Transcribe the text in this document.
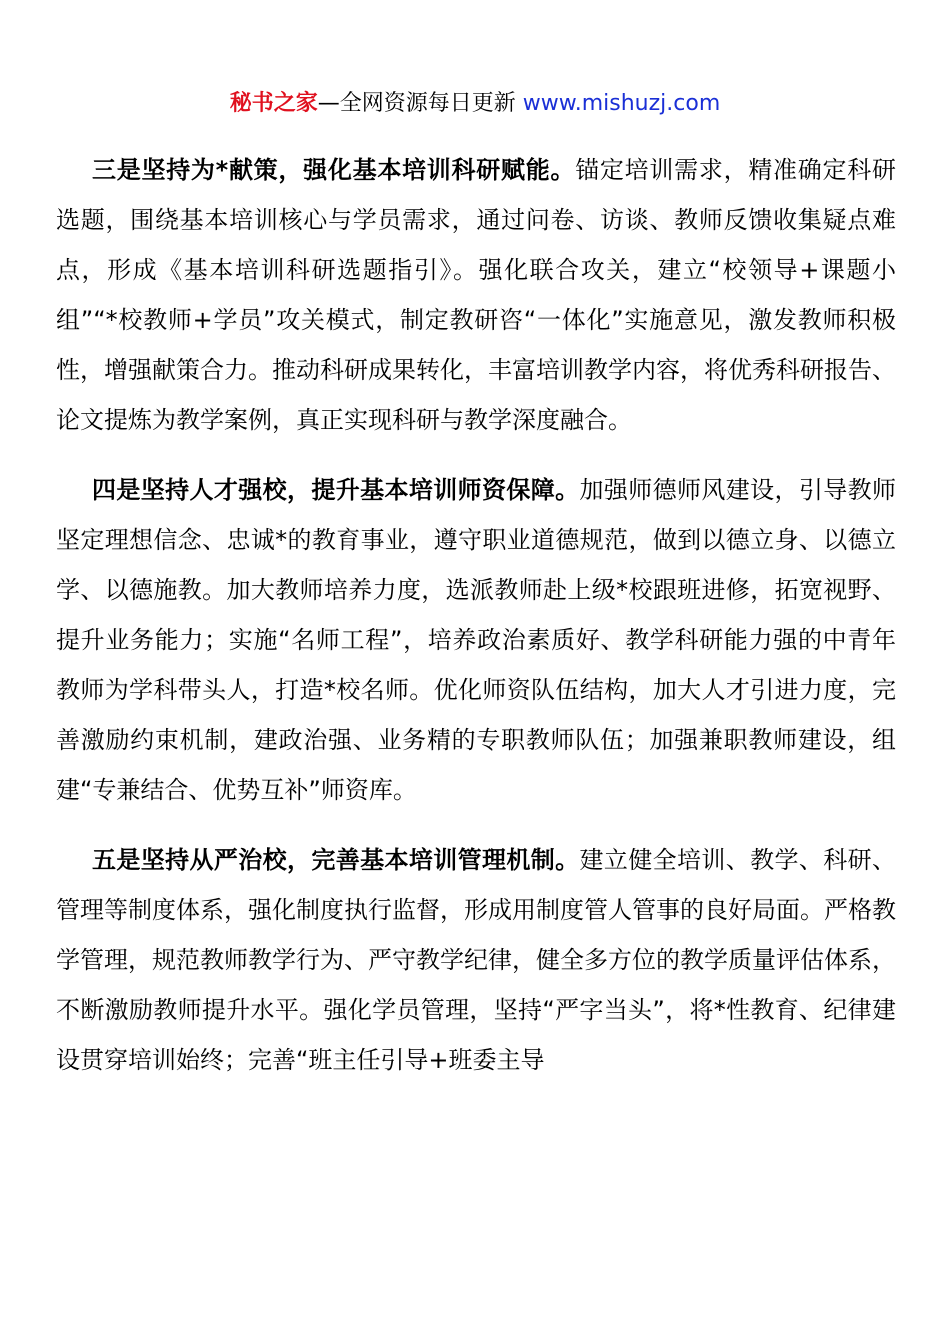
秘书之家—全网资源每日更新 www.mishuzj.com

三是坚持为*献策，强化基本培训科研赋能。锚定培训需求，精准确定科研选题，围绕基本培训核心与学员需求，通过问卷、访谈、教师反馈收集疑点难点，形成《基本培训科研选题指引》。强化联合攻关，建立“校领导+课题小组”“*校教师+学员”攻关模式，制定教研咨“一体化”实施意见，激发教师积极性，增强献策合力。推动科研成果转化，丰富培训教学内容，将优秀科研报告、论文提炼为教学案例，真正实现科研与教学深度融合。

四是坚持人才强校，提升基本培训师资保障。加强师德师风建设，引导教师坚定理想信念、忠诚*的教育事业，遵守职业道德规范，做到以德立身、以德立学、以德施教。加大教师培养力度，选派教师赴上级*校跟班进修，拓宽视野、提升业务能力；实施“名师工程”，培养政治素质好、教学科研能力强的中青年教师为学科带头人，打造*校名师。优化师资队伍结构，加大人才引进力度，完善激励约束机制，建政治强、业务精的专职教师队伍；加强兼职教师建设，组建“专兼结合、优势互补”师资库。

五是坚持从严治校，完善基本培训管理机制。建立健全培训、教学、科研、管理等制度体系，强化制度执行监督，形成用制度管人管事的良好局面。严格教学管理，规范教师教学行为、严守教学纪律，健全多方位的教学质量评估体系，不断激励教师提升水平。强化学员管理，坚持“严字当头”，将*性教育、纪律建设贯穿培训始终；完善“班主任引导+班委主导
